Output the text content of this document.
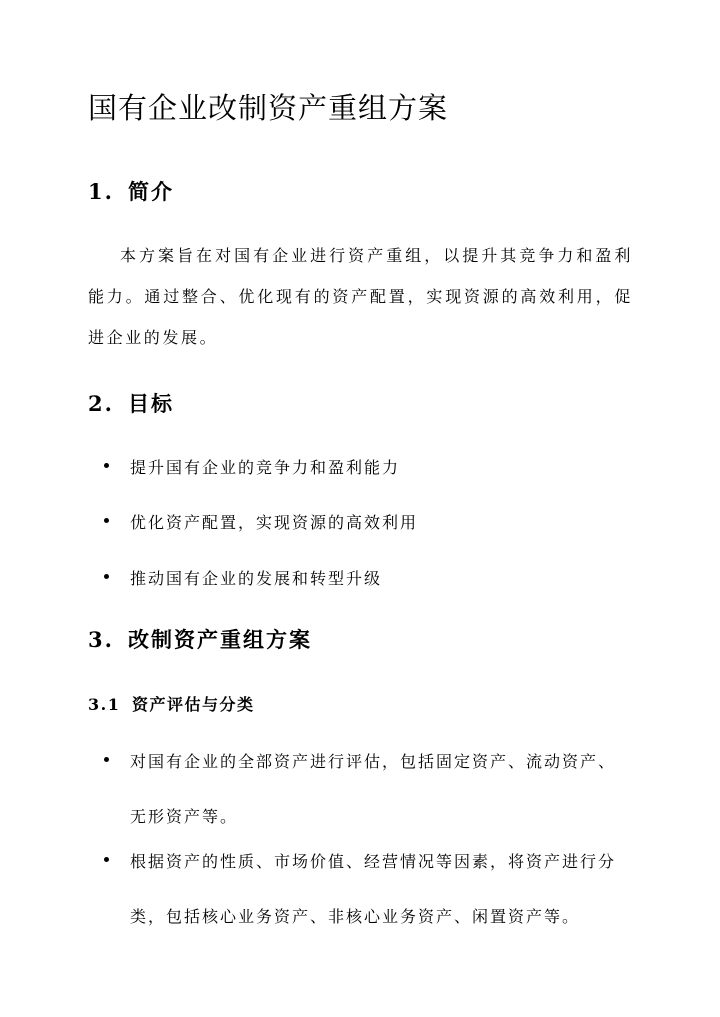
国有企业改制资产重组方案
1. 简介

本方案旨在对国有企业进行资产重组，以提升其竞争力和盈利能力。通过整合、优化现有的资产配置，实现资源的高效利用，促进企业的发展。

2. 目标
提升国有企业的竞争力和盈利能力
优化资产配置，实现资源的高效利用
推动国有企业的发展和转型升级
3. 改制资产重组方案
3.1 资产评估与分类
对国有企业的全部资产进行评估，包括固定资产、流动资产、无形资产等。
根据资产的性质、市场价值、经营情况等因素，将资产进行分类，包括核心业务资产、非核心业务资产、闲置资产等。
